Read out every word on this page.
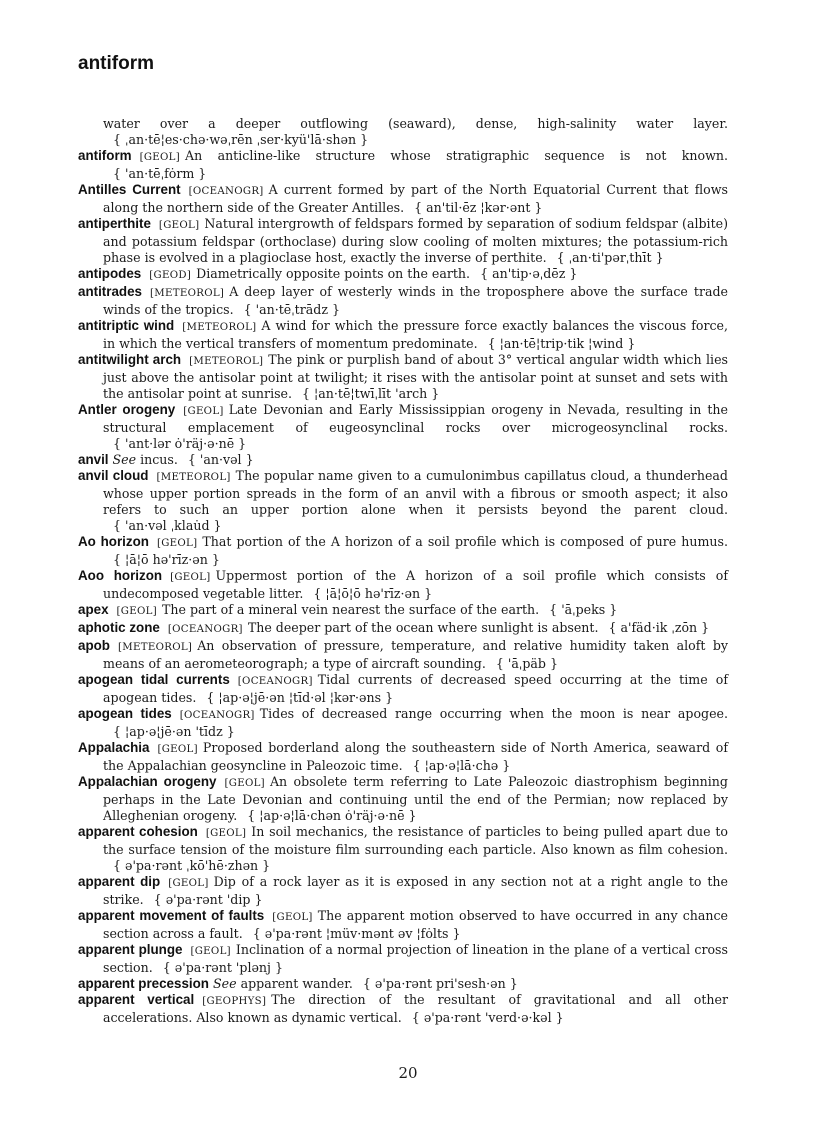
antiform

water over a deeper outflowing (seaward), dense, high-salinity water layer.{ ˌan·tē¦es·chə·wəˌrēn ˌser·kyü'lā·shən }

antiform [GEOL] An anticline-like structure whose stratigraphic sequence is not known.{ 'an·tēˌfȯrm }

Antilles Current [OCEANOGR] A current formed by part of the North Equatorial Current that flows along the northern side of the Greater Antilles. { an'til·ēz ¦kər·ənt }

antiperthite [GEOL] Natural intergrowth of feldspars formed by separation of sodium feldspar (albite) and potassium feldspar (orthoclase) during slow cooling of molten mixtures; the potassium-rich phase is evolved in a plagioclase host, exactly the inverse of perthite. { ˌan·ti'pərˌthīt }

antipodes [GEOD] Diametrically opposite points on the earth. { an'tip·əˌdēz }

antitrades [METEOROL] A deep layer of westerly winds in the troposphere above the surface trade winds of the tropics. { 'an·tēˌtrādz }

antitriptic wind [METEOROL] A wind for which the pressure force exactly balances the viscous force, in which the vertical transfers of momentum predominate. { ¦an·tē¦trip·tik ¦wind }

antitwilight arch [METEOROL] The pink or purplish band of about 3° vertical angular width which lies just above the antisolar point at twilight; it rises with the antisolar point at sunset and sets with the antisolar point at sunrise. { ¦an·tē¦twīˌlīt 'arch }

Antler orogeny [GEOL] Late Devonian and Early Mississippian orogeny in Nevada, resulting in the structural emplacement of eugeosynclinal rocks over microgeosynclinal rocks.{ 'ant·lər ȯ'räj·ə·nē }

anvil See incus. { 'an·vəl }

anvil cloud [METEOROL] The popular name given to a cumulonimbus capillatus cloud, a thunderhead whose upper portion spreads in the form of an anvil with a fibrous or smooth aspect; it also refers to such an upper portion alone when it persists beyond the parent cloud.{ 'an·vəl ˌklau̇d }

Ao horizon [GEOL] That portion of the A horizon of a soil profile which is composed of pure humus.{ ¦ā¦ō hə'rīz·ən }

Aoo horizon [GEOL] Uppermost portion of the A horizon of a soil profile which consists of undecomposed vegetable litter. { ¦ā¦ō¦ō hə'rīz·ən }

apex [GEOL] The part of a mineral vein nearest the surface of the earth. { 'āˌpeks }

aphotic zone [OCEANOGR] The deeper part of the ocean where sunlight is absent. { a'fäd·ik ˌzōn }

apob [METEOROL] An observation of pressure, temperature, and relative humidity taken aloft by means of an aerometeorograph; a type of aircraft sounding. { 'āˌpäb }

apogean tidal currents [OCEANOGR] Tidal currents of decreased speed occurring at the time of apogean tides. { ¦ap·ə¦jē·ən ¦tīd·əl ¦kər·əns }

apogean tides [OCEANOGR] Tides of decreased range occurring when the moon is near apogee.{ ¦ap·ə¦jē·ən 'tīdz }

Appalachia [GEOL] Proposed borderland along the southeastern side of North America, seaward of the Appalachian geosyncline in Paleozoic time. { ¦ap·ə¦lā·chə }

Appalachian orogeny [GEOL] An obsolete term referring to Late Paleozoic diastrophism beginning perhaps in the Late Devonian and continuing until the end of the Permian; now replaced by Alleghenian orogeny. { ¦ap·ə¦lā·chən ȯ'räj·ə·nē }

apparent cohesion [GEOL] In soil mechanics, the resistance of particles to being pulled apart due to the surface tension of the moisture film surrounding each particle. Also known as film cohesion.{ ə'pa·rənt ˌkō'hē·zhən }

apparent dip [GEOL] Dip of a rock layer as it is exposed in any section not at a right angle to the strike. { ə'pa·rənt 'dip }

apparent movement of faults [GEOL] The apparent motion observed to have occurred in any chance section across a fault. { ə'pa·rənt ¦müv·mənt əv ¦fȯlts }

apparent plunge [GEOL] Inclination of a normal projection of lineation in the plane of a vertical cross section. { ə'pa·rənt 'plənj }

apparent precession See apparent wander. { ə'pa·rənt pri'sesh·ən }

apparent vertical [GEOPHYS] The direction of the resultant of gravitational and all other accelerations. Also known as dynamic vertical. { ə'pa·rənt 'verd·ə·kəl }

20
